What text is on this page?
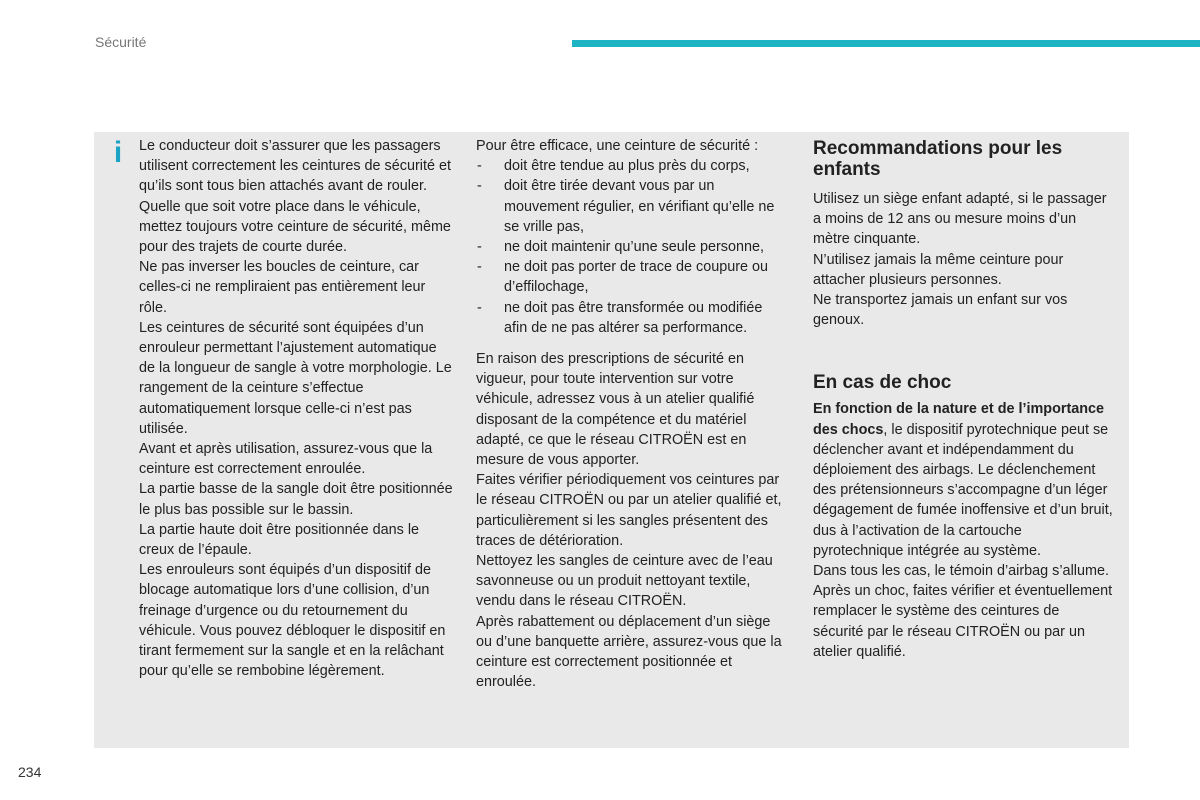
Sécurité
i Le conducteur doit s’assurer que les passagers utilisent correctement les ceintures de sécurité et qu’ils sont tous bien attachés avant de rouler.

Quelle que soit votre place dans le véhicule, mettez toujours votre ceinture de sécurité, même pour des trajets de courte durée.

Ne pas inverser les boucles de ceinture, car celles-ci ne rempliraient pas entièrement leur rôle.

Les ceintures de sécurité sont équipées d’un enrouleur permettant l’ajustement automatique de la longueur de sangle à votre morphologie. Le rangement de la ceinture s’effectue automatiquement lorsque celle-ci n’est pas utilisée.

Avant et après utilisation, assurez-vous que la ceinture est correctement enroulée.

La partie basse de la sangle doit être positionnée le plus bas possible sur le bassin.

La partie haute doit être positionnée dans le creux de l’épaule.

Les enrouleurs sont équipés d’un dispositif de blocage automatique lors d’une collision, d’un freinage d’urgence ou du retournement du véhicule. Vous pouvez débloquer le dispositif en tirant fermement sur la sangle et en la relâchant pour qu’elle se rembobine légèrement.

Pour être efficace, une ceinture de sécurité :

- doit être tendue au plus près du corps,
- doit être tirée devant vous par un mouvement régulier, en vérifiant qu’elle ne se vrille pas,
- ne doit maintenir qu’une seule personne,
- ne doit pas porter de trace de coupure ou d’effilochage,
- ne doit pas être transformée ou modifiée afin de ne pas altérer sa performance.

En raison des prescriptions de sécurité en vigueur, pour toute intervention sur votre véhicule, adressez vous à un atelier qualifié disposant de la compétence et du matériel adapté, ce que le réseau CITROËN est en mesure de vous apporter.

Faites vérifier périodiquement vos ceintures par le réseau CITROËN ou par un atelier qualifié et, particulièrement si les sangles présentent des traces de détérioration.

Nettoyez les sangles de ceinture avec de l’eau savonneuse ou un produit nettoyant textile, vendu dans le réseau CITROËN.

Après rabattement ou déplacement d’un siège ou d’une banquette arrière, assurez-vous que la ceinture est correctement positionnée et enroulée.

Recommandations pour les enfants

Utilisez un siège enfant adapté, si le passager a moins de 12 ans ou mesure moins d’un mètre cinquante.

N’utilisez jamais la même ceinture pour attacher plusieurs personnes.

Ne transportez jamais un enfant sur vos genoux.

En cas de choc

En fonction de la nature et de l’importance des chocs, le dispositif pyrotechnique peut se déclencher avant et indépendamment du déploiement des airbags. Le déclenchement des prétensionneurs s’accompagne d’un léger dégagement de fumée inoffensive et d’un bruit, dus à l’activation de la cartouche pyrotechnique intégrée au système.

Dans tous les cas, le témoin d’airbag s’allume.

Après un choc, faites vérifier et éventuellement remplacer le système des ceintures de sécurité par le réseau CITROËN ou par un atelier qualifié.

234
